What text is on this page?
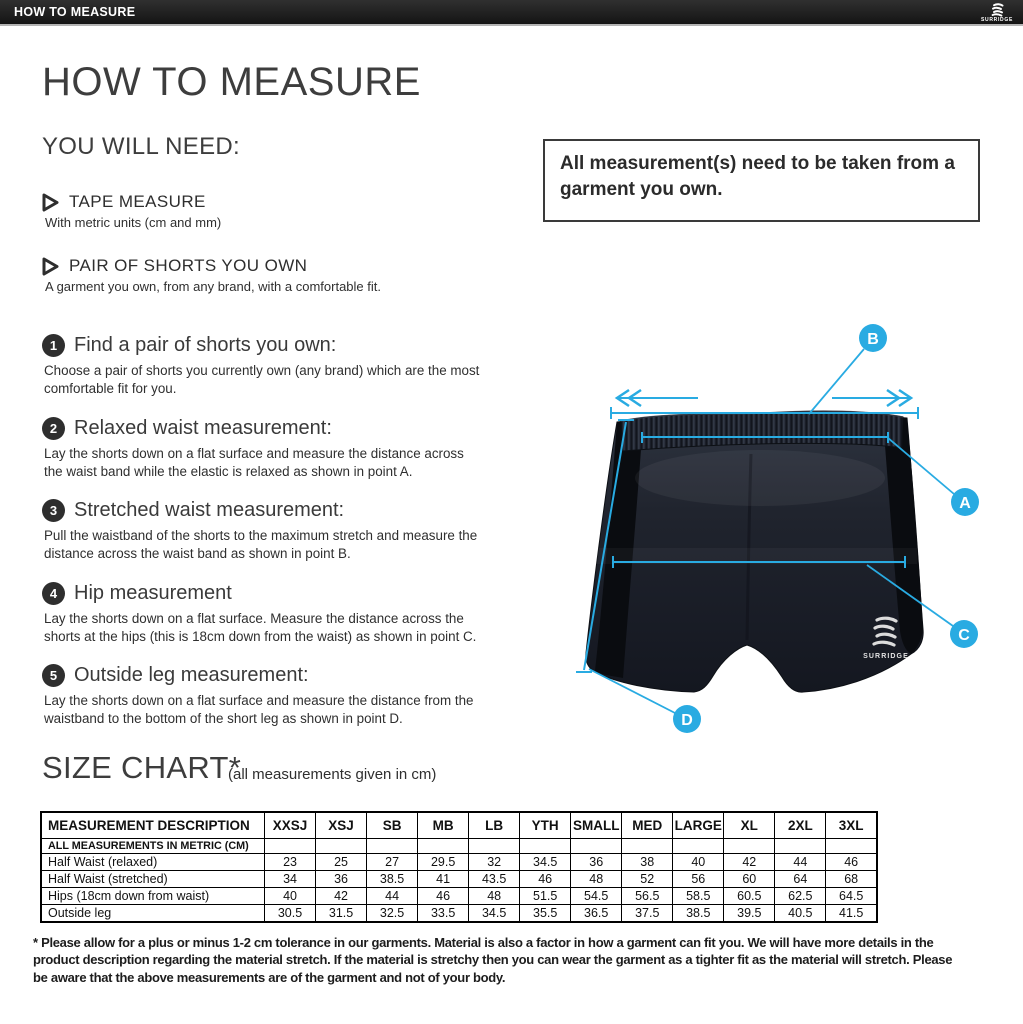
HOW TO MEASURE
SURRIDGE
HOW TO MEASURE
YOU WILL NEED:
TAPE MEASURE
With metric units (cm and mm)
PAIR OF SHORTS YOU OWN
A garment you own, from any brand, with a comfortable fit.
All measurement(s) need to be taken from a garment you own.
1 Find a pair of shorts you own:
Choose a pair of shorts you currently own (any brand) which are the most comfortable fit for you.
2 Relaxed waist measurement:
Lay the shorts down on a flat surface and measure the distance across the waist band while the elastic is relaxed as shown in point A.
3 Stretched waist measurement:
Pull the waistband of the shorts to the maximum stretch and measure the distance across the waist band as shown in point B.
4 Hip measurement
Lay the shorts down on a flat surface. Measure the distance across the shorts at the hips (this is 18cm down from the waist) as shown in point C.
5 Outside leg measurement:
Lay the shorts down on a flat surface and measure the distance from the waistband to the bottom of the short leg as shown in point D.
SURRIDGE
B
A
C
D
SIZE CHART*
(all measurements given in cm)
MEASUREMENT DESCRIPTION	XXSJ	XSJ	SB	MB	LB	YTH	SMALL	MED	LARGE	XL	2XL	3XL
ALL MEASUREMENTS IN METRIC (CM)												
Half Waist (relaxed)	23	25	27	29.5	32	34.5	36	38	40	42	44	46
Half Waist (stretched)	34	36	38.5	41	43.5	46	48	52	56	60	64	68
Hips (18cm down from waist)	40	42	44	46	48	51.5	54.5	56.5	58.5	60.5	62.5	64.5
Outside leg	30.5	31.5	32.5	33.5	34.5	35.5	36.5	37.5	38.5	39.5	40.5	41.5
* Please allow for a plus or minus 1-2 cm tolerance in our garments. Material is also a factor in how a garment can fit you. We will have more details in the product description regarding the material stretch. If the material is stretchy then you can wear the garment as a tighter fit as the material will stretch. Please be aware that the above measurements are of the garment and not of your body.
